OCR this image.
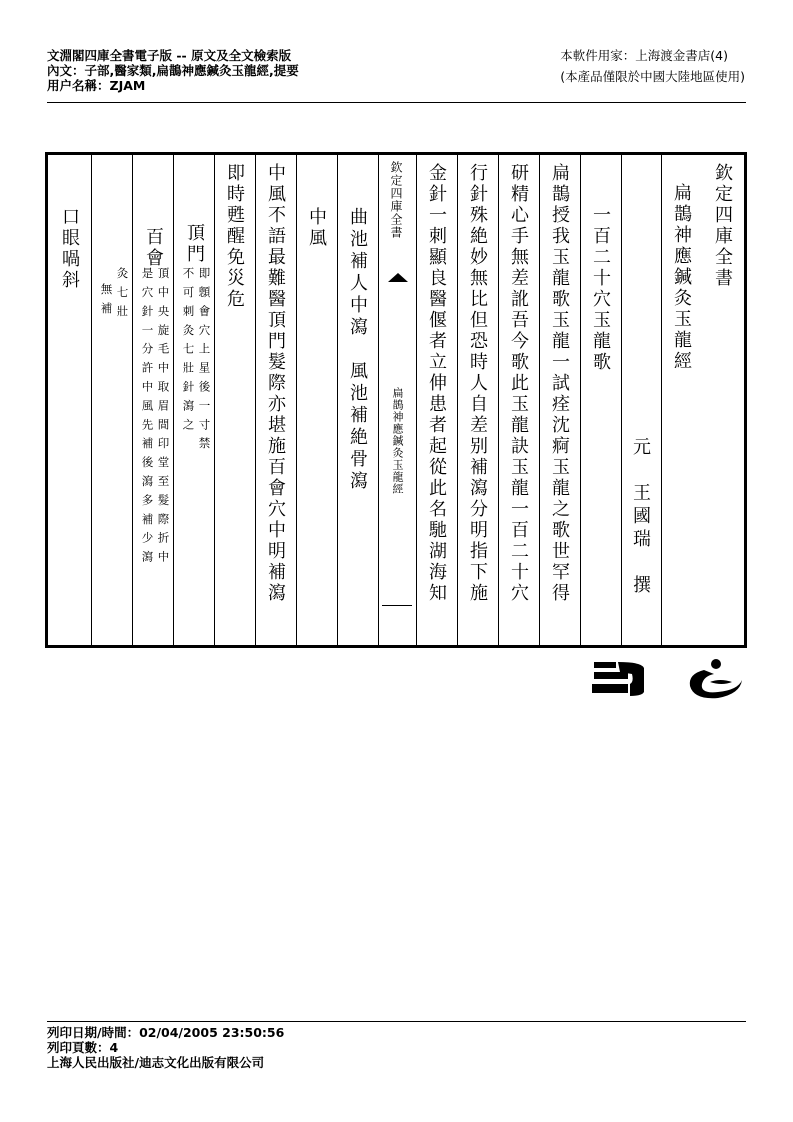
文淵閣四庫全書電子版 -- 原文及全文檢索版
內文：子部,醫家類,扁鵲神應鍼灸玉龍經,提要
用户名稱：ZJAM
本軟件用家：上海渡金書店(4)
(本產品僅限於中國大陸地區使用)
欽定四庫全書
扁鵲神應鍼灸玉龍經
元　王國瑞　撰
一百二十穴玉龍歌
扁鵲授我玉龍歌玉龍一試痊沈痾玉龍之歌世罕得
研精心手無差訛吾今歌此玉龍訣玉龍一百二十穴
行針殊絶妙無比但恐時人自差别補瀉分明指下施
金針一刺顯良醫偃者立伸患者起從此名馳湖海知
欽定四庫全書
扁鵲神應鍼灸玉龍經
曲池補人中瀉　風池補絶骨瀉
中風
中風不語最難醫頂門髮際亦堪施百會穴中明補瀉
即時甦醒免災危
頂門
即顖會穴上星後一寸禁
不可刺灸七壯針瀉之
百會
頂中央旋毛中取眉間印堂至髮際折中
是穴針一分許中風先補後瀉多補少瀉
灸七壯
無補
口眼喎斜
列印日期/時間：02/04/2005 23:50:56
列印頁數：4
上海人民出版社/迪志文化出版有限公司
